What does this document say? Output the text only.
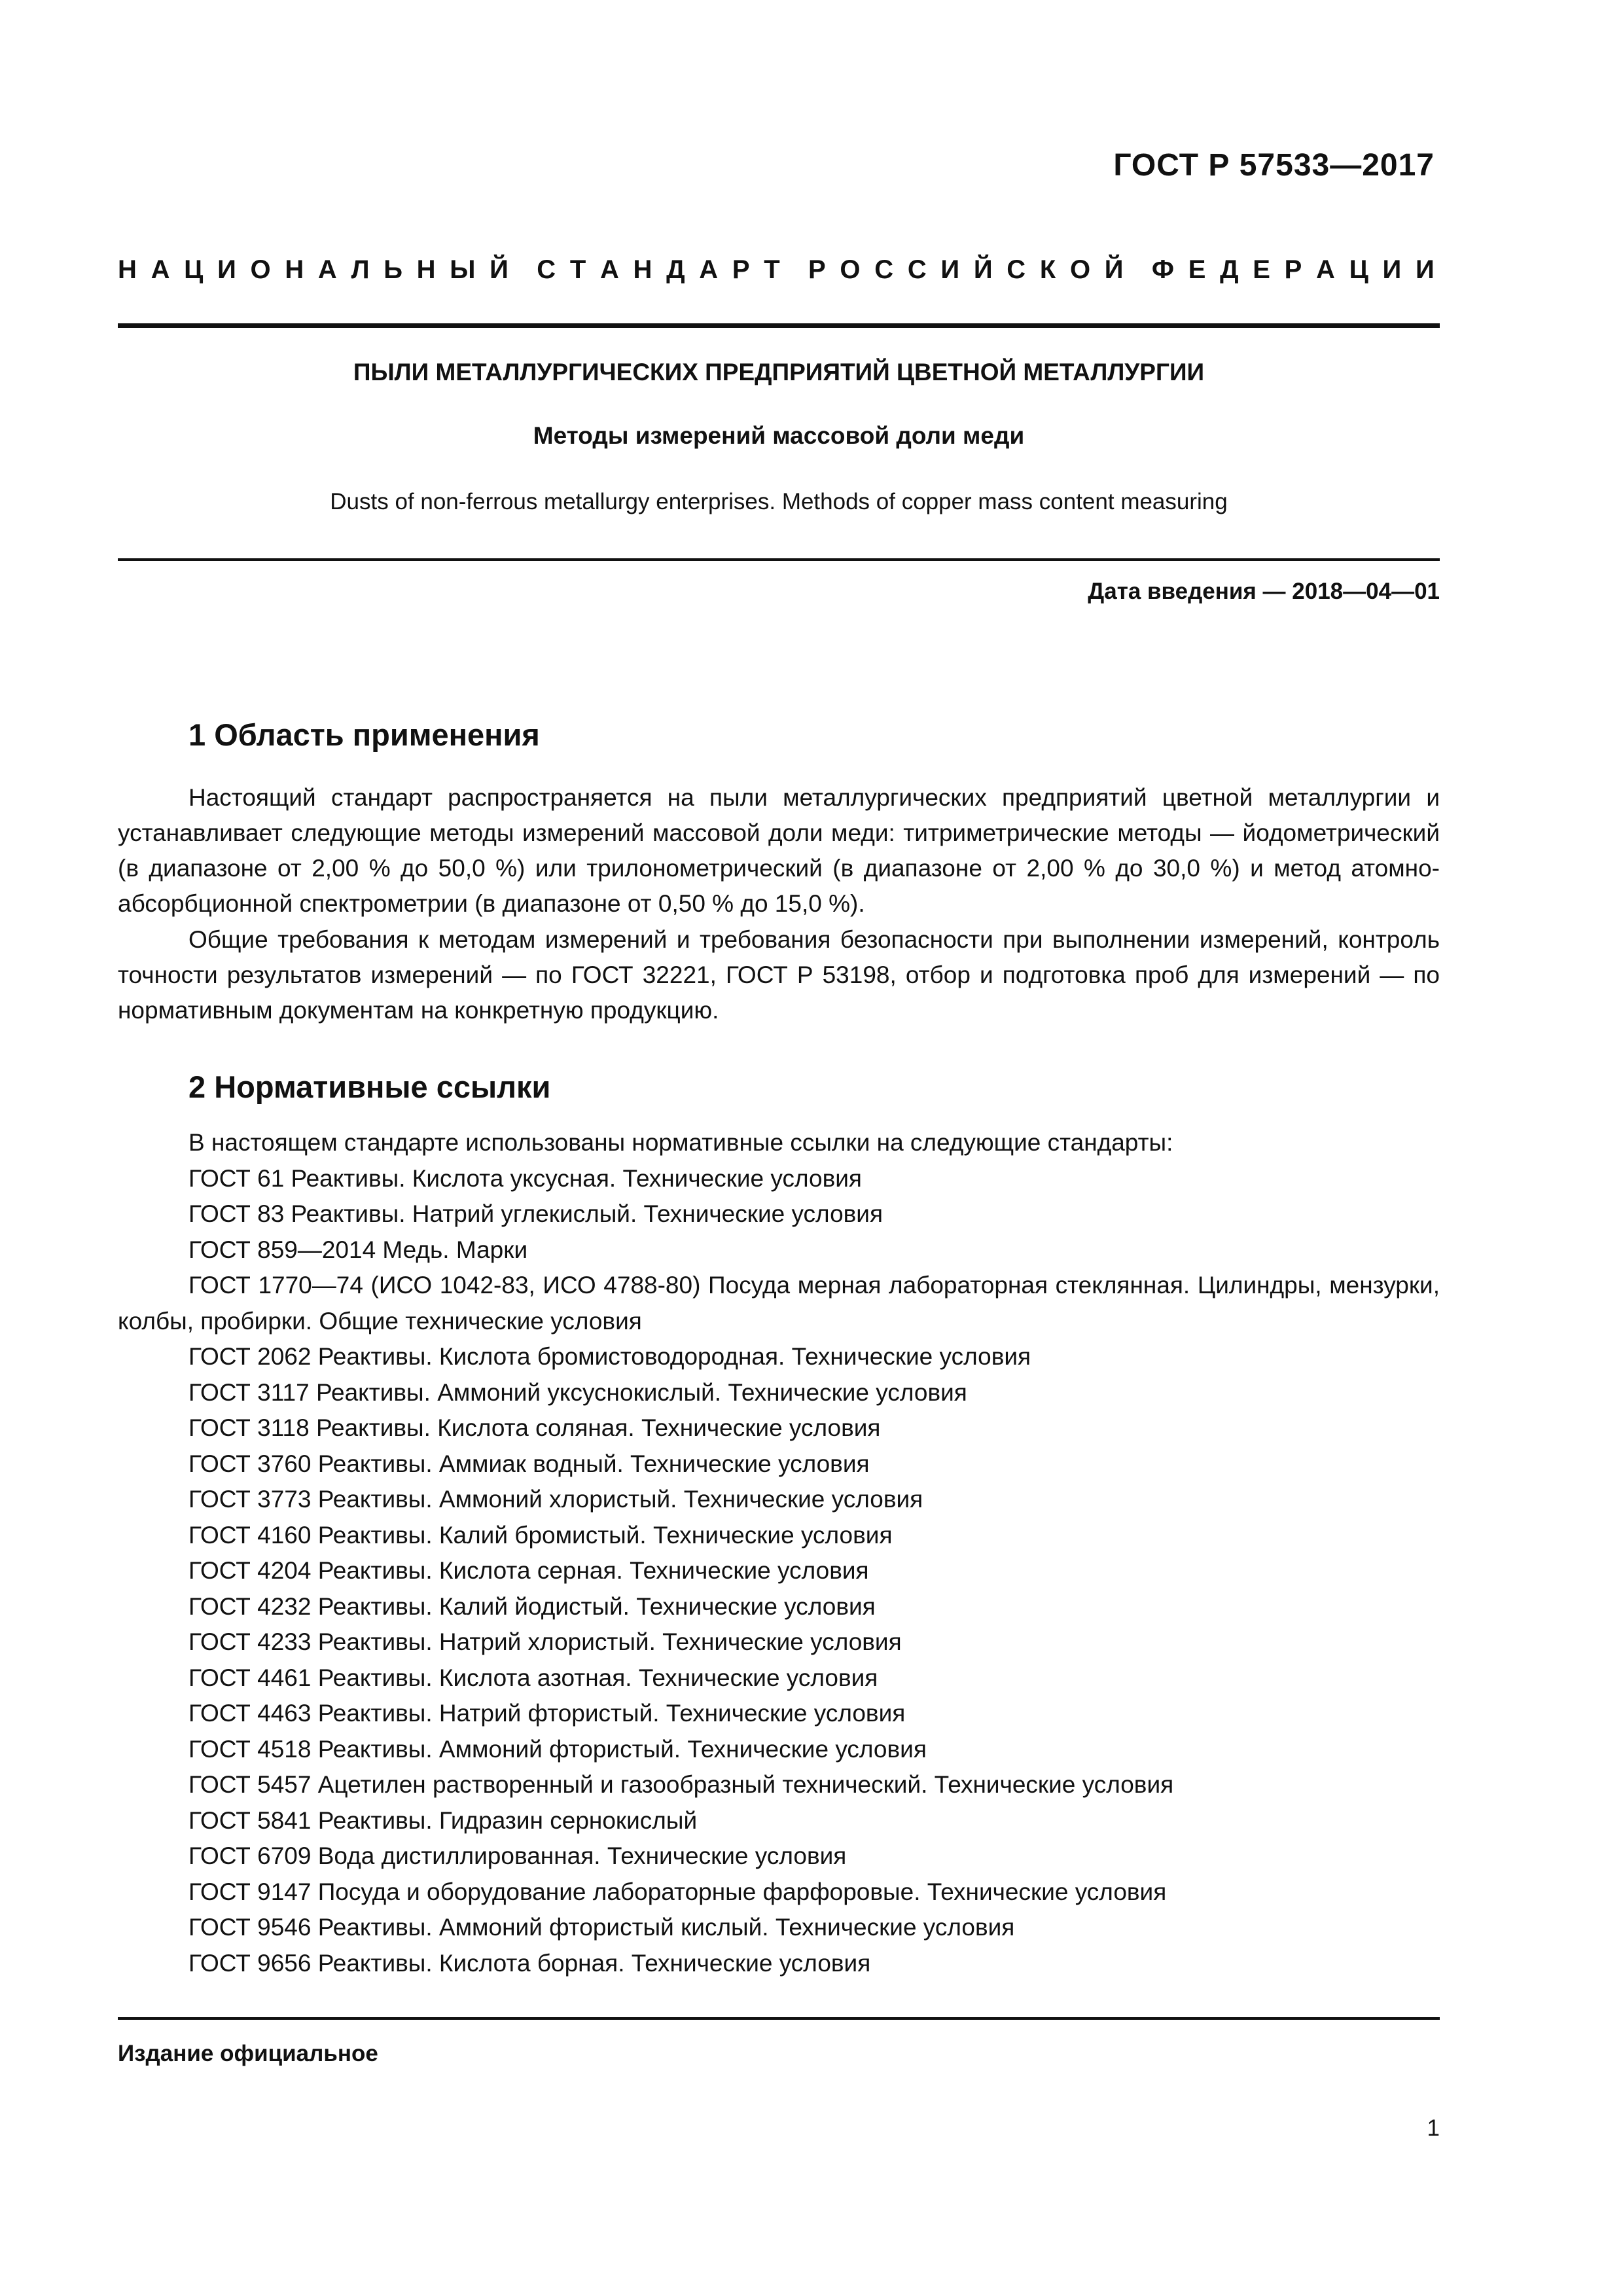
ГОСТ Р 57533—2017
Н А Ц И О Н А Л Ь Н Ы Й С Т А Н Д А Р Т Р О С С И Й С К О Й Ф Е Д Е Р А Ц И И
ПЫЛИ МЕТАЛЛУРГИЧЕСКИХ ПРЕДПРИЯТИЙ ЦВЕТНОЙ МЕТАЛЛУРГИИ
Методы измерений массовой доли меди
Dusts of non-ferrous metallurgy enterprises. Methods of copper mass content measuring
Дата введения — 2018—04—01
1 Область применения

Настоящий стандарт распространяется на пыли металлургических предприятий цветной металлургии и устанавливает следующие методы измерений массовой доли меди: титриметрические методы — йодометрический (в диапазоне от 2,00 % до 50,0 %) или трилонометрический (в диапазоне от 2,00 % до 30,0 %) и метод атомно-абсорбционной спектрометрии (в диапазоне от 0,50 % до 15,0 %).

Общие требования к методам измерений и требования безопасности при выполнении измерений, контроль точности результатов измерений — по ГОСТ 32221, ГОСТ Р 53198, отбор и подготовка проб для измерений — по нормативным документам на конкретную продукцию.

2 Нормативные ссылки
В настоящем стандарте использованы нормативные ссылки на следующие стандарты:
ГОСТ 61 Реактивы. Кислота уксусная. Технические условия
ГОСТ 83 Реактивы. Натрий углекислый. Технические условия
ГОСТ 859—2014 Медь. Марки
ГОСТ 1770—74 (ИСО 1042-83, ИСО 4788-80) Посуда мерная лабораторная стеклянная. Цилиндры, мензурки, колбы, пробирки. Общие технические условия
ГОСТ 2062 Реактивы. Кислота бромистоводородная. Технические условия
ГОСТ 3117 Реактивы. Аммоний уксуснокислый. Технические условия
ГОСТ 3118 Реактивы. Кислота соляная. Технические условия
ГОСТ 3760 Реактивы. Аммиак водный. Технические условия
ГОСТ 3773 Реактивы. Аммоний хлористый. Технические условия
ГОСТ 4160 Реактивы. Калий бромистый. Технические условия
ГОСТ 4204 Реактивы. Кислота серная. Технические условия
ГОСТ 4232 Реактивы. Калий йодистый. Технические условия
ГОСТ 4233 Реактивы. Натрий хлористый. Технические условия
ГОСТ 4461 Реактивы. Кислота азотная. Технические условия
ГОСТ 4463 Реактивы. Натрий фтористый. Технические условия
ГОСТ 4518 Реактивы. Аммоний фтористый. Технические условия
ГОСТ 5457 Ацетилен растворенный и газообразный технический. Технические условия
ГОСТ 5841 Реактивы. Гидразин сернокислый
ГОСТ 6709 Вода дистиллированная. Технические условия
ГОСТ 9147 Посуда и оборудование лабораторные фарфоровые. Технические условия
ГОСТ 9546 Реактивы. Аммоний фтористый кислый. Технические условия
ГОСТ 9656 Реактивы. Кислота борная. Технические условия
Издание официальное
1
